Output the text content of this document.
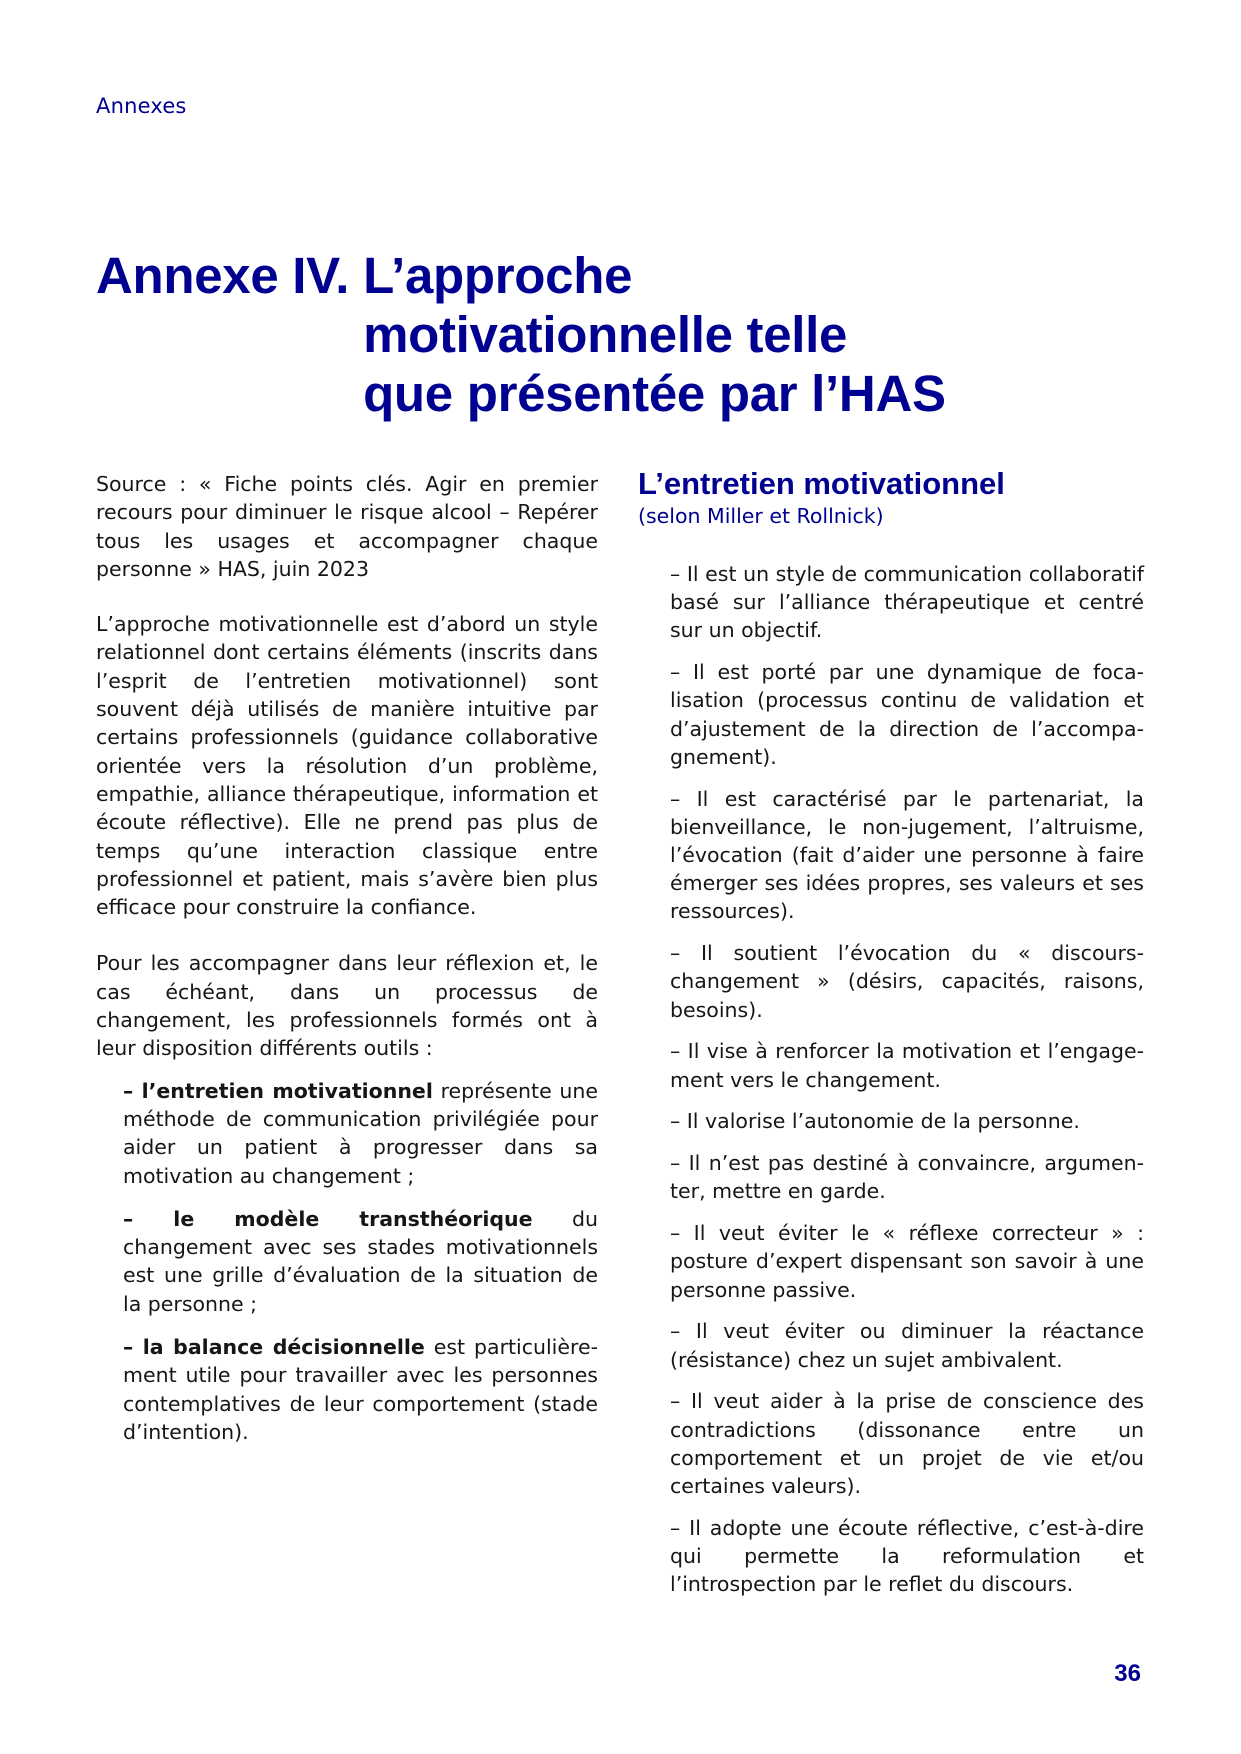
Annexes
Annexe IV. L’approche
motivationnelle telle
que présentée par l’HAS

Source : « Fiche points clés. Agir en premier recours pour diminuer le risque alcool – Repérer tous les usages et accompagner chaque personne » HAS, juin 2023

L’approche motivationnelle est d’abord un style relationnel dont certains éléments (inscrits dans l’esprit de l’entretien motivationnel) sont souvent déjà utilisés de manière intuitive par certains professionnels (guidance collaborative orientée vers la résolution d’un problème, empathie, alliance thérapeutique, information et écoute réflective). Elle ne prend pas plus de temps qu’une interaction classique entre professionnel et patient, mais s’avère bien plus efficace pour construire la confiance.

Pour les accompagner dans leur réflexion et, le cas échéant, dans un processus de changement, les professionnels formés ont à leur disposition différents outils :

– l’entretien motivationnel représente une méthode de communication privilégiée pour aider un patient à progresser dans sa motivation au changement ;
– le modèle transthéorique du changement avec ses stades motivationnels est une grille d’évaluation de la situation de la personne ;
– la balance décisionnelle est particulièrement utile pour travailler avec les personnes contemplatives de leur comportement (stade d’intention).
L’entretien motivationnel

(selon Miller et Rollnick)

– Il est un style de communication collaboratif basé sur l’alliance thérapeutique et centré sur un objectif.
– Il est porté par une dynamique de focalisation (processus continu de validation et d’ajustement de la direction de l’accompagnement).
– Il est caractérisé par le partenariat, la bienveillance, le non-jugement, l’altruisme, l’évocation (fait d’aider une personne à faire émerger ses idées propres, ses valeurs et ses ressources).
– Il soutient l’évocation du « discours-changement » (désirs, capacités, raisons, besoins).
– Il vise à renforcer la motivation et l’engagement vers le changement.
– Il valorise l’autonomie de la personne.
– Il n’est pas destiné à convaincre, argumenter, mettre en garde.
– Il veut éviter le « réflexe correcteur » : posture d’expert dispensant son savoir à une personne passive.
– Il veut éviter ou diminuer la réactance (résistance) chez un sujet ambivalent.
– Il veut aider à la prise de conscience des contradictions (dissonance entre un comportement et un projet de vie et/ou certaines valeurs).
– Il adopte une écoute réflective, c’est-à-dire qui permette la reformulation et l’introspection par le reflet du discours.
36
